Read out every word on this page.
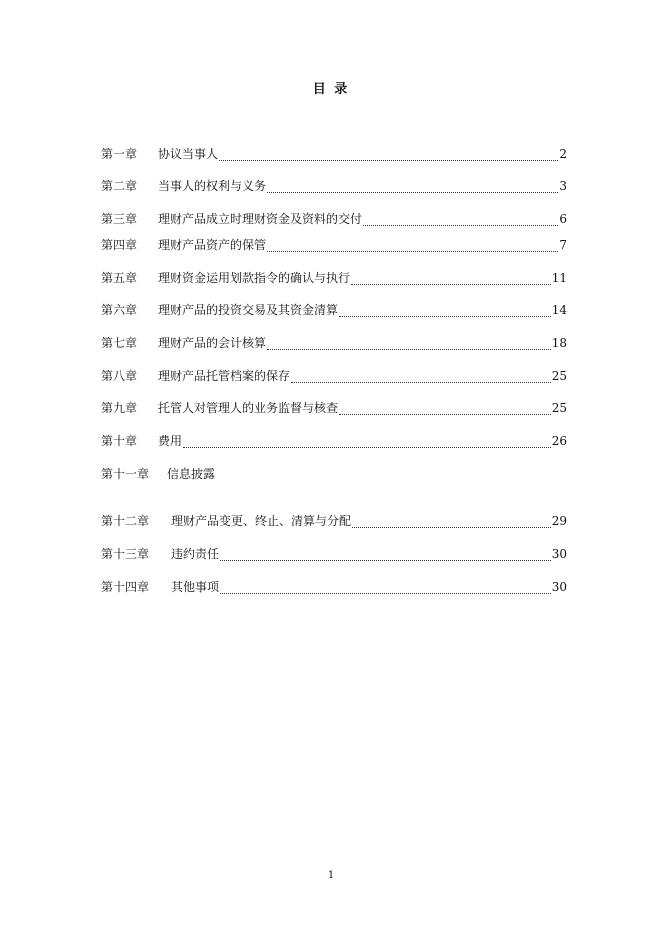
目 录
第一章	协议当事人	2
第二章	当事人的权利与义务	3
第三章	理财产品成立时理财资金及资料的交付	6
第四章	理财产品资产的保管	7
第五章	理财资金运用划款指令的确认与执行	11
第六章	理财产品的投资交易及其资金清算	14
第七章	理财产品的会计核算	18
第八章	理财产品托管档案的保存	25
第九章	托管人对管理人的业务监督与核查	25
第十章	费用	26
第十一章	信息披露
第十二章	理财产品变更、终止、清算与分配	29
第十三章	违约责任	30
第十四章	其他事项	30
1
